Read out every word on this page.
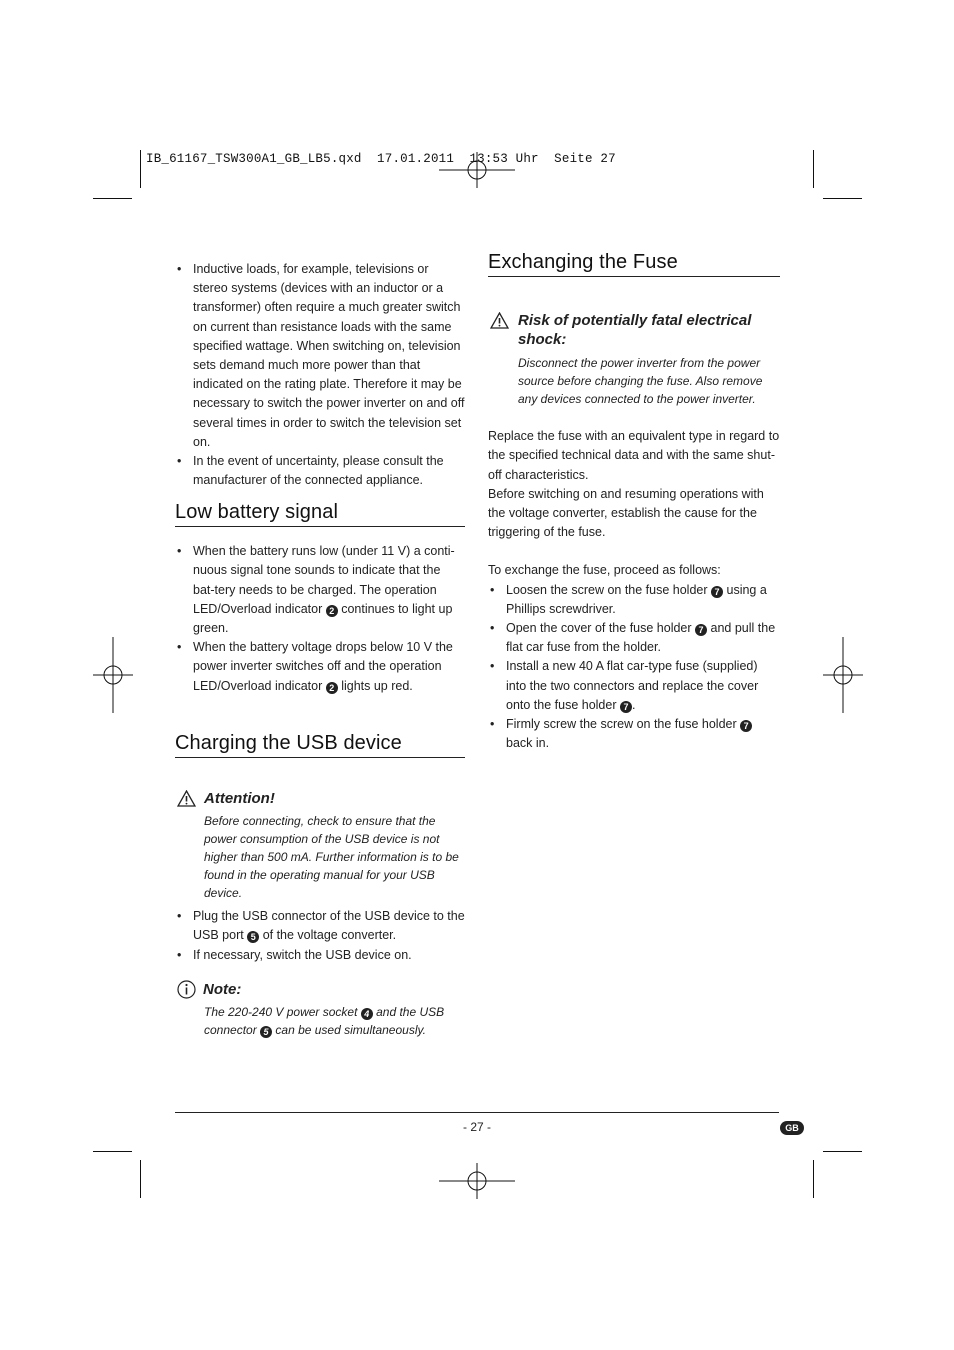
IB_61167_TSW300A1_GB_LB5.qxd  17.01.2011  13:53 Uhr  Seite 27
• Inductive loads, for example, televisions or stereo systems (devices with an inductor or a transformer) often require a much greater switch on current than resistance loads with the same specified wattage. When switching on, television sets demand much more power than that indicated on the rating plate. Therefore it may be necessary to switch the power inverter on and off several times in order to switch the television set on.
• In the event of uncertainty, please consult the manufacturer of the connected appliance.
Low battery signal
• When the battery runs low (under 11 V) a conti-nuous signal tone sounds to indicate that the bat-tery needs to be charged. The operation LED/Overload indicator 2 continues to light up green.
• When the battery voltage drops below 10 V the power inverter switches off and the operation LED/Overload indicator 2 lights up red.
Charging the USB device
Attention!
Before connecting, check to ensure that the power consumption of the USB device is not higher than 500 mA. Further information is to be found in the operating manual for your USB device.
• Plug the USB connector of the USB device to the USB port 5 of the voltage converter.
• If necessary, switch the USB device on.
Note:
The 220-240 V power socket 4 and the USB connector 5 can be used simultaneously.
Exchanging the Fuse
Risk of potentially fatal electrical shock:
Disconnect the power inverter from the power source before changing the fuse. Also remove any devices connected to the power inverter.
Replace the fuse with an equivalent type in regard to the specified technical data and with the same shut-off characteristics.
Before switching on and resuming operations with the voltage converter, establish the cause for the triggering of the fuse.
To exchange the fuse, proceed as follows:
• Loosen the screw on the fuse holder 7 using a Phillips screwdriver.
• Open the cover of the fuse holder 7 and pull the flat car fuse from the holder.
• Install a new 40 A flat car-type fuse (supplied) into the two connectors and replace the cover onto the fuse holder 7 .
• Firmly screw the screw on the fuse holder 7 back in.
- 27 -	GB
